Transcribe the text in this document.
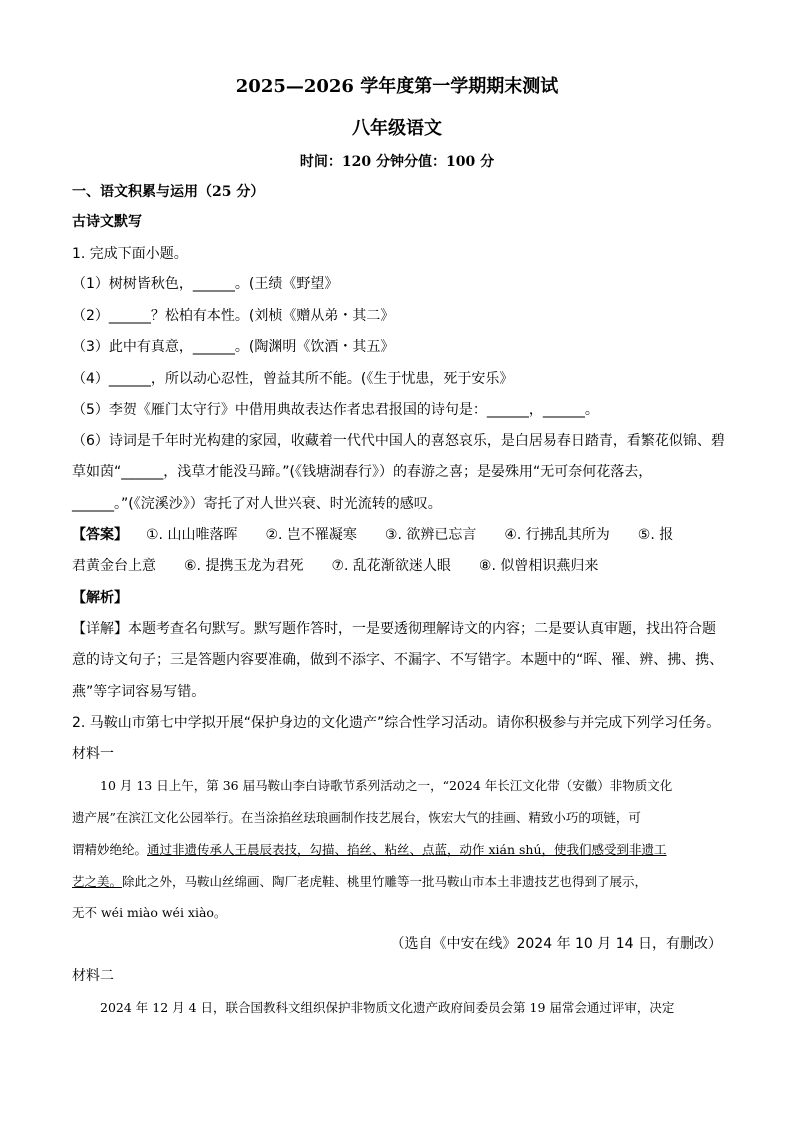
2025—2026 学年度第一学期期末测试
八年级语文
时间：120 分钟分值：100 分
一、语文积累与运用（25 分）
古诗文默写
1. 完成下面小题。
（1）树树皆秋色，______。(王绩《野望》
（2）______？松柏有本性。(刘桢《赠从弟・其二》
（3）此中有真意，______。(陶渊明《饮酒・其五》
（4）______，所以动心忍性，曾益其所不能。(《生于忧患，死于安乐》
（5）李贺《雁门太守行》中借用典故表达作者忠君报国的诗句是：______，______。
（6）诗词是千年时光构建的家园，收藏着一代代中国人的喜怒哀乐，是白居易春日踏青，看繁花似锦、碧
草如茵“______，浅草才能没马蹄。”(《钱塘湖春行》）的春游之喜；是晏殊用“无可奈何花落去，
______。”(《浣溪沙》）寄托了对人世兴衰、时光流转的感叹。
【答案】 ①. 山山唯落晖　　②. 岂不罹凝寒　　③. 欲辨已忘言　　④. 行拂乱其所为　　⑤. 报
君黄金台上意　　⑥. 提携玉龙为君死　　⑦. 乱花渐欲迷人眼　　⑧. 似曾相识燕归来
【解析】
【详解】本题考查名句默写。默写题作答时，一是要透彻理解诗文的内容；二是要认真审题，找出符合题
意的诗文句子；三是答题内容要准确，做到不添字、不漏字、不写错字。本题中的“晖、罹、辨、拂、携、
燕”等字词容易写错。
2. 马鞍山市第七中学拟开展“保护身边的文化遗产”综合性学习活动。请你积极参与并完成下列学习任务。
材料一
10 月 13 日上午，第 36 届马鞍山李白诗歌节系列活动之一，“2024 年长江文化带（安徽）非物质文化
遗产展”在滨江文化公园举行。在当涂掐丝珐琅画制作技艺展台，恢宏大气的挂画、精致小巧的项链，可
谓精妙绝纶。通过非遗传承人王晨辰表技，勾描、掐丝、粘丝、点蓝，动作 xián shú，使我们感受到非遗工
艺之美。除此之外，马鞍山丝绵画、陶厂老虎鞋、桃里竹雕等一批马鞍山市本土非遗技艺也得到了展示，
无不 wéi miào wéi xiào。
（选自《中安在线》2024 年 10 月 14 日，有删改）
材料二
2024 年 12 月 4 日，联合国教科文组织保护非物质文化遗产政府间委员会第 19 届常会通过评审，决定
